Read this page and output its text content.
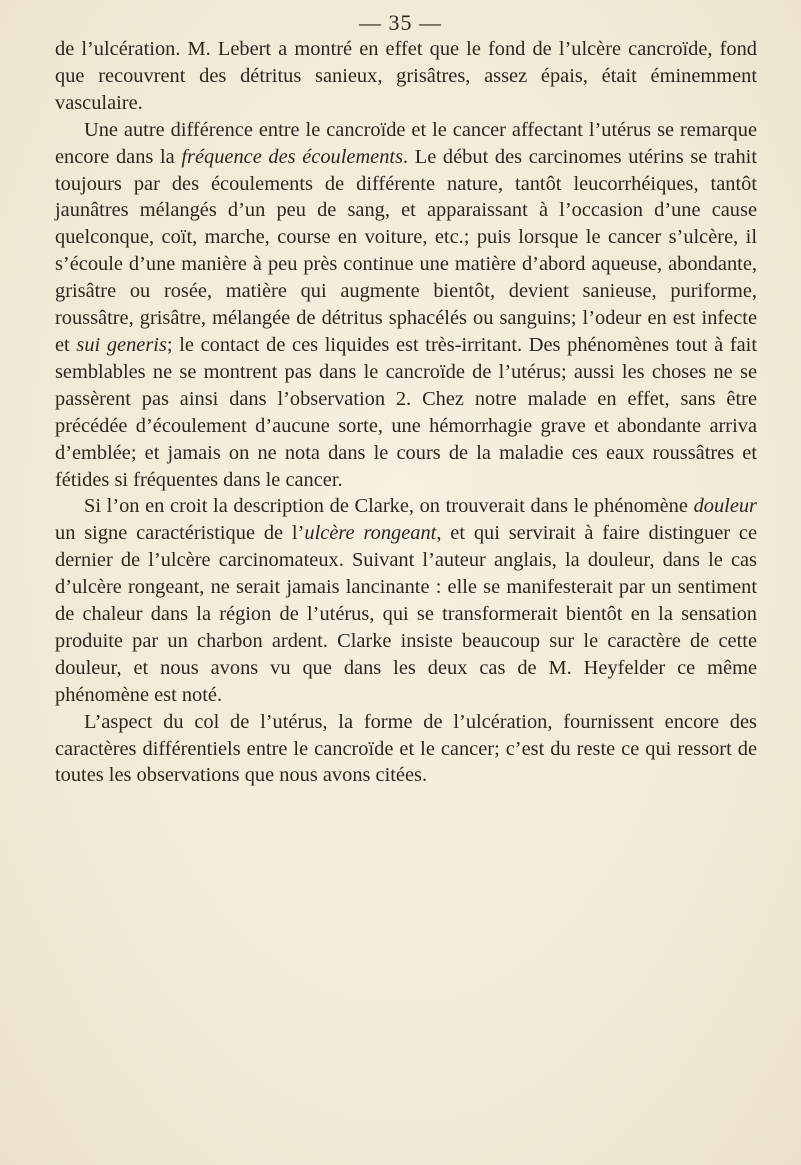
— 35 —

de l’ulcération. M. Lebert a montré en effet que le fond de l’ulcère cancroïde, fond que recouvrent des détritus sanieux, grisâtres, assez épais, était éminemment vasculaire.

Une autre différence entre le cancroïde et le cancer affectant l’utérus se remarque encore dans la fréquence des écoulements. Le début des carcinomes utérins se trahit toujours par des écoulements de différente nature, tantôt leucorrhéiques, tantôt jaunâtres mélangés d’un peu de sang, et apparaissant à l’occasion d’une cause quelconque, coït, marche, course en voiture, etc.; puis lorsque le cancer s’ulcère, il s’écoule d’une manière à peu près continue une matière d’abord aqueuse, abondante, grisâtre ou rosée, matière qui augmente bientôt, devient sanieuse, puriforme, roussâtre, grisâtre, mélangée de détritus sphacélés ou sanguins; l’odeur en est infecte et sui generis; le contact de ces liquides est très-irritant. Des phénomènes tout à fait semblables ne se montrent pas dans le cancroïde de l’utérus; aussi les choses ne se passèrent pas ainsi dans l’observation 2. Chez notre malade en effet, sans être précédée d’écoulement d’aucune sorte, une hémorrhagie grave et abondante arriva d’emblée; et jamais on ne nota dans le cours de la maladie ces eaux roussâtres et fétides si fréquentes dans le cancer.

Si l’on en croit la description de Clarke, on trouverait dans le phénomène douleur un signe caractéristique de l’ulcère rongeant, et qui servirait à faire distinguer ce dernier de l’ulcère carcinomateux. Suivant l’auteur anglais, la douleur, dans le cas d’ulcère rongeant, ne serait jamais lancinante : elle se manifesterait par un sentiment de chaleur dans la région de l’utérus, qui se transformerait bientôt en la sensation produite par un charbon ardent. Clarke insiste beaucoup sur le caractère de cette douleur, et nous avons vu que dans les deux cas de M. Heyfelder ce même phénomène est noté.

L’aspect du col de l’utérus, la forme de l’ulcération, fournissent encore des caractères différentiels entre le cancroïde et le cancer; c’est du reste ce qui ressort de toutes les observations que nous avons citées.
